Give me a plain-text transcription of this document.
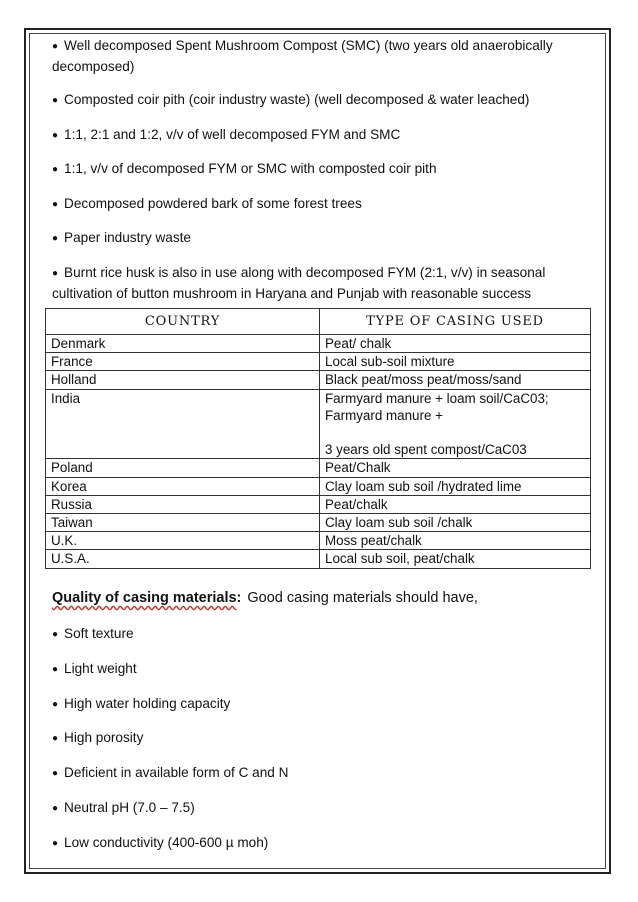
● Well decomposed Spent Mushroom Compost (SMC) (two years old anaerobically decomposed)

● Composted coir pith (coir industry waste) (well decomposed & water leached)

● 1:1, 2:1 and 1:2, v/v of well decomposed FYM and SMC

● 1:1, v/v of decomposed FYM or SMC with composted coir pith

● Decomposed powdered bark of some forest trees

● Paper industry waste

● Burnt rice husk is also in use along with decomposed FYM (2:1, v/v) in seasonal cultivation of button mushroom in Haryana and Punjab with reasonable success

COUNTRY	TYPE OF CASING USED
Denmark	Peat/ chalk
France	Local sub-soil mixture
Holland	Black peat/moss peat/moss/sand
India	Farmyard manure + loam soil/CaC03;
Farmyard manure +
3 years old spent compost/CaC03

Poland	Peat/Chalk
Korea	Clay loam sub soil /hydrated lime
Russia	Peat/chalk
Taiwan	Clay loam sub soil /chalk
U.K.	Moss peat/chalk
U.S.A.	Local sub soil, peat/chalk
Quality of casing materials: Good casing materials should have,

● Soft texture

● Light weight

● High water holding capacity

● High porosity

● Deficient in available form of C and N

● Neutral pH (7.0 – 7.5)

● Low conductivity (400-600 µ moh)
